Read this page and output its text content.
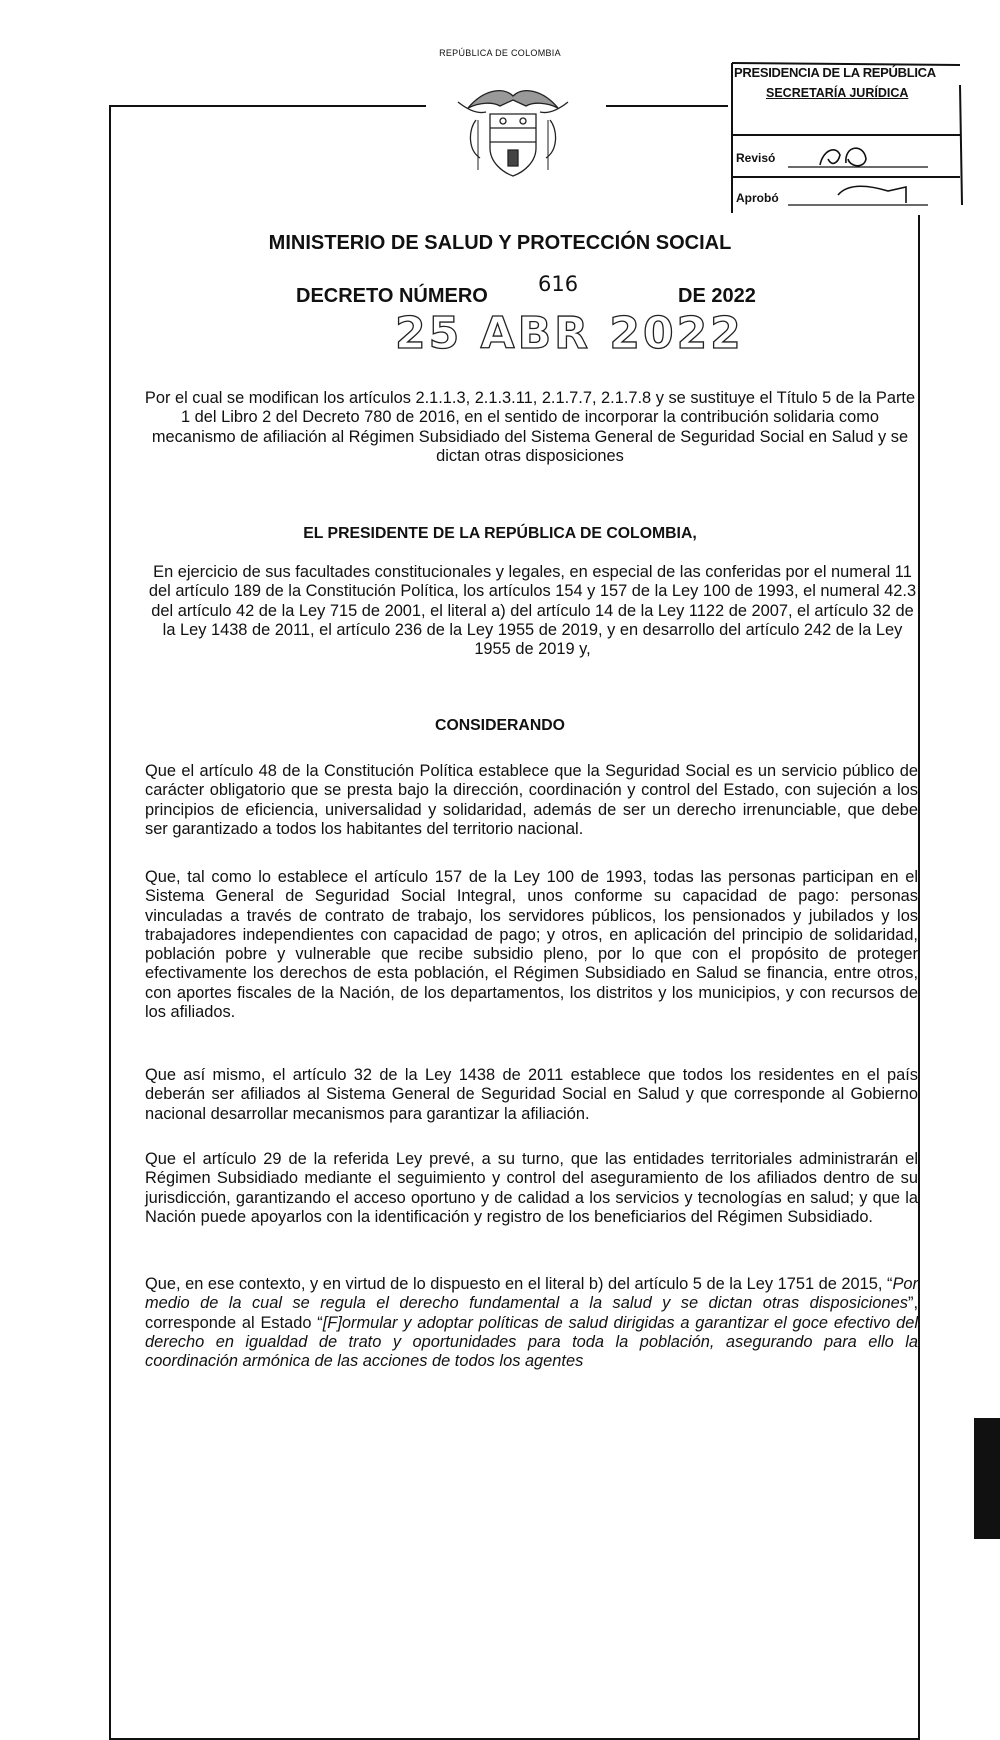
REPÚBLICA DE COLOMBIA
PRESIDENCIA DE LA REPÚBLICA
SECRETARÍA JURÍDICA
Revisó
Aprobó
MINISTERIO DE SALUD Y PROTECCIÓN SOCIAL
DECRETO NÚMERO 616	DE 2022
25 ABR 2022
Por el cual se modifican los artículos 2.1.1.3, 2.1.3.11, 2.1.7.7, 2.1.7.8 y se sustituye el Título 5 de la Parte 1 del Libro 2 del Decreto 780 de 2016, en el sentido de incorporar la contribución solidaria como mecanismo de afiliación al Régimen Subsidiado del Sistema General de Seguridad Social en Salud y se dictan otras disposiciones
EL PRESIDENTE DE LA REPÚBLICA DE COLOMBIA,
En ejercicio de sus facultades constitucionales y legales, en especial de las conferidas por el numeral 11 del artículo 189 de la Constitución Política, los artículos 154 y 157 de la Ley 100 de 1993, el numeral 42.3 del artículo 42 de la Ley 715 de 2001, el literal a) del artículo 14 de la Ley 1122 de 2007, el artículo 32 de la Ley 1438 de 2011, el artículo 236 de la Ley 1955 de 2019, y en desarrollo del artículo 242 de la Ley 1955 de 2019 y,
CONSIDERANDO
Que el artículo 48 de la Constitución Política establece que la Seguridad Social es un servicio público de carácter obligatorio que se presta bajo la dirección, coordinación y control del Estado, con sujeción a los principios de eficiencia, universalidad y solidaridad, además de ser un derecho irrenunciable, que debe ser garantizado a todos los habitantes del territorio nacional.
Que, tal como lo establece el artículo 157 de la Ley 100 de 1993, todas las personas participan en el Sistema General de Seguridad Social Integral, unos conforme su capacidad de pago: personas vinculadas a través de contrato de trabajo, los servidores públicos, los pensionados y jubilados y los trabajadores independientes con capacidad de pago; y otros, en aplicación del principio de solidaridad, población pobre y vulnerable que recibe subsidio pleno, por lo que con el propósito de proteger efectivamente los derechos de esta población, el Régimen Subsidiado en Salud se financia, entre otros, con aportes fiscales de la Nación, de los departamentos, los distritos y los municipios, y con recursos de los afiliados.
Que así mismo, el artículo 32 de la Ley 1438 de 2011 establece que todos los residentes en el país deberán ser afiliados al Sistema General de Seguridad Social en Salud y que corresponde al Gobierno nacional desarrollar mecanismos para garantizar la afiliación.
Que el artículo 29 de la referida Ley prevé, a su turno, que las entidades territoriales administrarán el Régimen Subsidiado mediante el seguimiento y control del aseguramiento de los afiliados dentro de su jurisdicción, garantizando el acceso oportuno y de calidad a los servicios y tecnologías en salud; y que la Nación puede apoyarlos con la identificación y registro de los beneficiarios del Régimen Subsidiado.
Que, en ese contexto, y en virtud de lo dispuesto en el literal b) del artículo 5 de la Ley 1751 de 2015, “Por medio de la cual se regula el derecho fundamental a la salud y se dictan otras disposiciones”, corresponde al Estado “[F]ormular y adoptar políticas de salud dirigidas a garantizar el goce efectivo del derecho en igualdad de trato y oportunidades para toda la población, asegurando para ello la coordinación armónica de las acciones de todos los agentes
